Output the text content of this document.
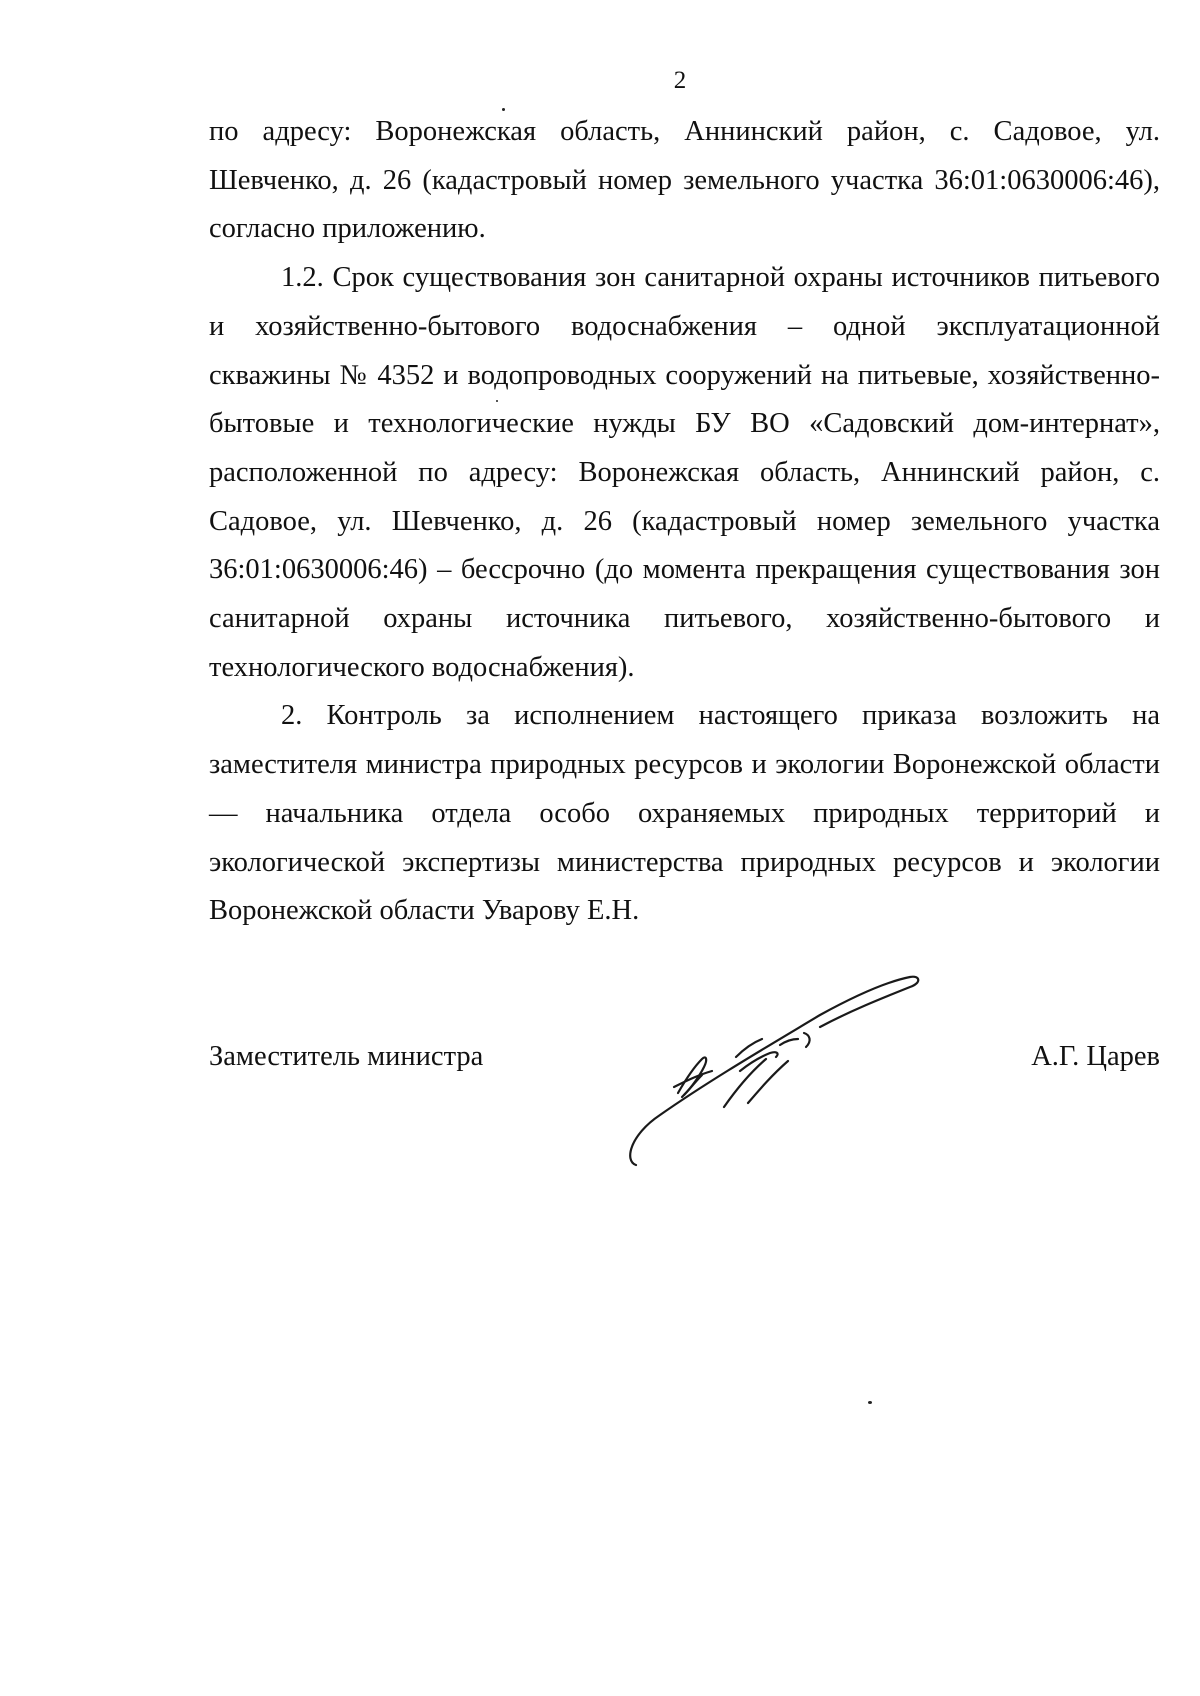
2

по адресу: Воронежская область, Аннинский район, с. Садовое, ул. Шевченко, д. 26 (кадастровый номер земельного участка 36:01:0630006:46), согласно приложению.

1.2. Срок существования зон санитарной охраны источников питьевого и хозяйственно-бытового водоснабжения – одной эксплуатационной скважины № 4352 и водопроводных сооружений на питьевые, хозяйственно-бытовые и технологические нужды БУ ВО «Садовский дом-интернат», расположенной по адресу: Воронежская область, Аннинский район, с. Садовое, ул. Шевченко, д. 26 (кадастровый номер земельного участка 36:01:0630006:46) – бессрочно (до момента прекращения существования зон санитарной охраны источника питьевого, хозяйственно-бытового и технологического водоснабжения).

2. Контроль за исполнением настоящего приказа возложить на заместителя министра природных ресурсов и экологии Воронежской области — начальника отдела особо охраняемых природных территорий и экологической экспертизы министерства природных ресурсов и экологии Воронежской области Уварову Е.Н.

Заместитель министра	А.Г. Царев
